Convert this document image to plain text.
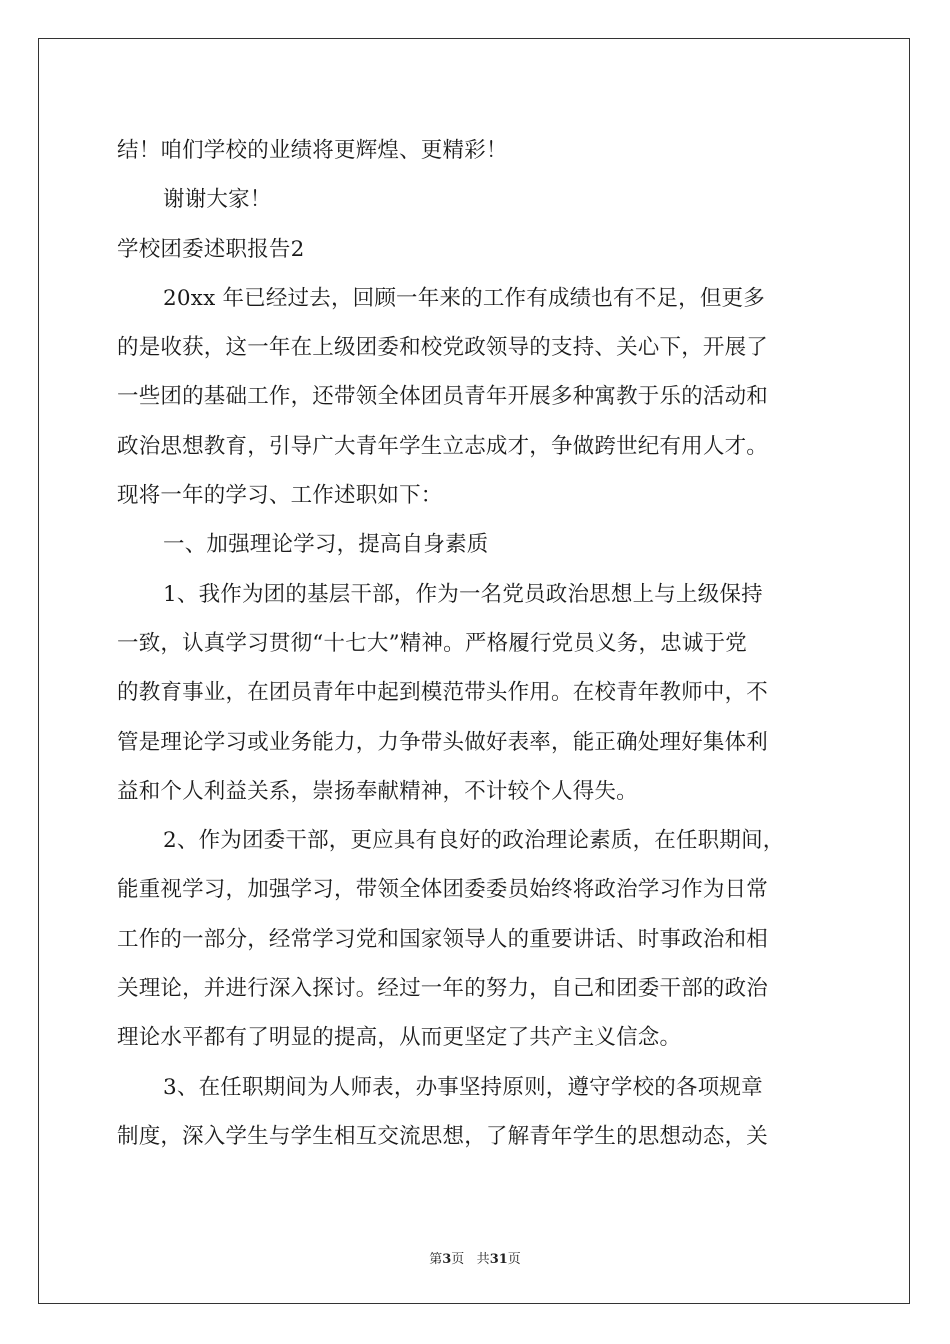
结！咱们学校的业绩将更辉煌、更精彩！
谢谢大家！
学校团委述职报告2
20xx 年已经过去，回顾一年来的工作有成绩也有不足，但更多
的是收获，这一年在上级团委和校党政领导的支持、关心下，开展了
一些团的基础工作，还带领全体团员青年开展多种寓教于乐的活动和
政治思想教育，引导广大青年学生立志成才，争做跨世纪有用人才。
现将一年的学习、工作述职如下：
一、加强理论学习，提高自身素质
1、我作为团的基层干部，作为一名党员政治思想上与上级保持
一致，认真学习贯彻“十七大”精神。严格履行党员义务，忠诚于党
的教育事业，在团员青年中起到模范带头作用。在校青年教师中，不
管是理论学习或业务能力，力争带头做好表率，能正确处理好集体利
益和个人利益关系，崇扬奉献精神，不计较个人得失。
2、作为团委干部，更应具有良好的政治理论素质，在任职期间，
能重视学习，加强学习，带领全体团委委员始终将政治学习作为日常
工作的一部分，经常学习党和国家领导人的重要讲话、时事政治和相
关理论，并进行深入探讨。经过一年的努力，自己和团委干部的政治
理论水平都有了明显的提高，从而更坚定了共产主义信念。
3、在任职期间为人师表，办事坚持原则，遵守学校的各项规章
制度，深入学生与学生相互交流思想，了解青年学生的思想动态，关
第3页 共31页
